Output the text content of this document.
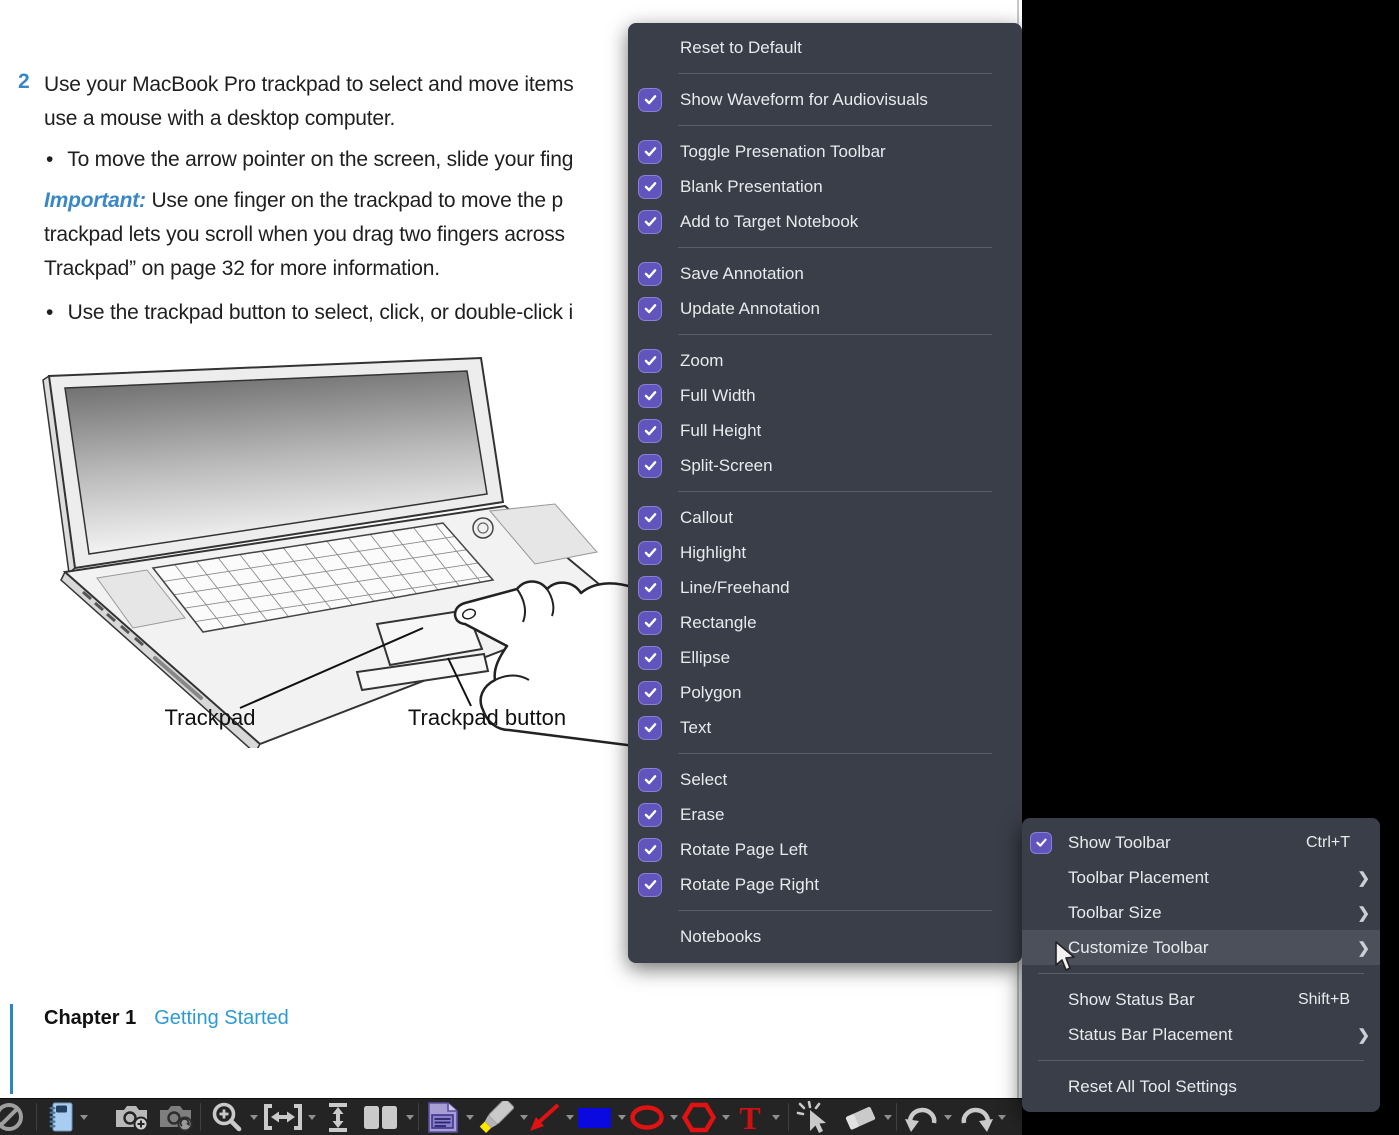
2 Use your MacBook Pro trackpad to select and move items
use a mouse with a desktop computer.
• To move the arrow pointer on the screen, slide your fing
Important: Use one finger on the trackpad to move the p
trackpad lets you scroll when you drag two fingers across
Trackpad” on page 32 for more information.
• Use the trackpad button to select, click, or double-click i
Trackpad	Trackpad button
Chapter 1 Getting Started
Reset to Default
Show Waveform for Audiovisuals
Toggle Presenation Toolbar
Blank Presentation
Add to Target Notebook
Save Annotation
Update Annotation
Zoom
Full Width
Full Height
Split-Screen
Callout
Highlight
Line/Freehand
Rectangle
Ellipse
Polygon
Text
Select
Erase
Rotate Page Left
Rotate Page Right
Notebooks
Show Toolbar	Ctrl+T
Toolbar Placement	❯
Toolbar Size	❯
Customize Toolbar	❯
Show Status Bar	Shift+B
Status Bar Placement	❯
Reset All Tool Settings
T
